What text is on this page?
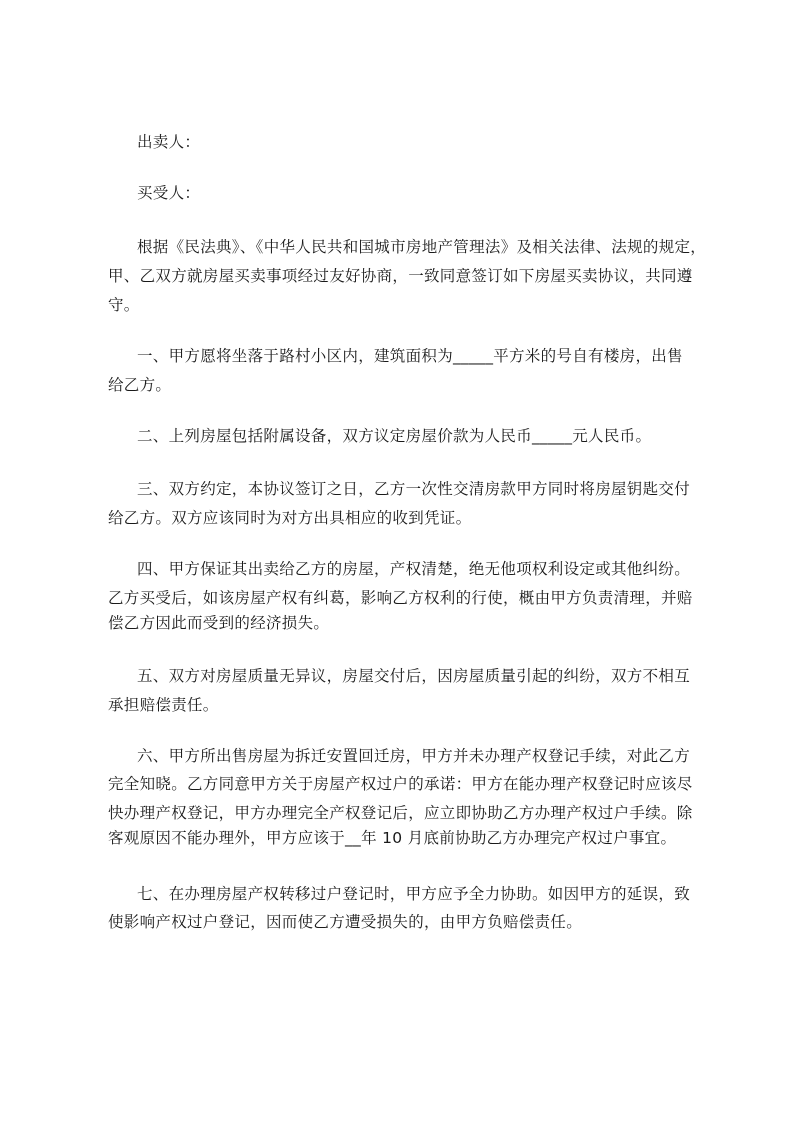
出卖人：
买受人：
根据《民法典》、《中华人民共和国城市房地产管理法》及相关法律、法规的规定，
甲、乙双方就房屋买卖事项经过友好协商，一致同意签订如下房屋买卖协议，共同遵
守。
一、甲方愿将坐落于路村小区内，建筑面积为_____平方米的号自有楼房，出售
给乙方。
二、上列房屋包括附属设备，双方议定房屋价款为人民币_____元人民币。
三、双方约定，本协议签订之日，乙方一次性交清房款甲方同时将房屋钥匙交付
给乙方。双方应该同时为对方出具相应的收到凭证。
四、甲方保证其出卖给乙方的房屋，产权清楚，绝无他项权利设定或其他纠纷。
乙方买受后，如该房屋产权有纠葛，影响乙方权利的行使，概由甲方负责清理，并赔
偿乙方因此而受到的经济损失。
五、双方对房屋质量无异议，房屋交付后，因房屋质量引起的纠纷，双方不相互
承担赔偿责任。
六、甲方所出售房屋为拆迁安置回迁房，甲方并未办理产权登记手续，对此乙方
完全知晓。乙方同意甲方关于房屋产权过户的承诺：甲方在能办理产权登记时应该尽
快办理产权登记，甲方办理完全产权登记后，应立即协助乙方办理产权过户手续。除
客观原因不能办理外，甲方应该于__年 10 月底前协助乙方办理完产权过户事宜。
七、在办理房屋产权转移过户登记时，甲方应予全力协助。如因甲方的延误，致
使影响产权过户登记，因而使乙方遭受损失的，由甲方负赔偿责任。
